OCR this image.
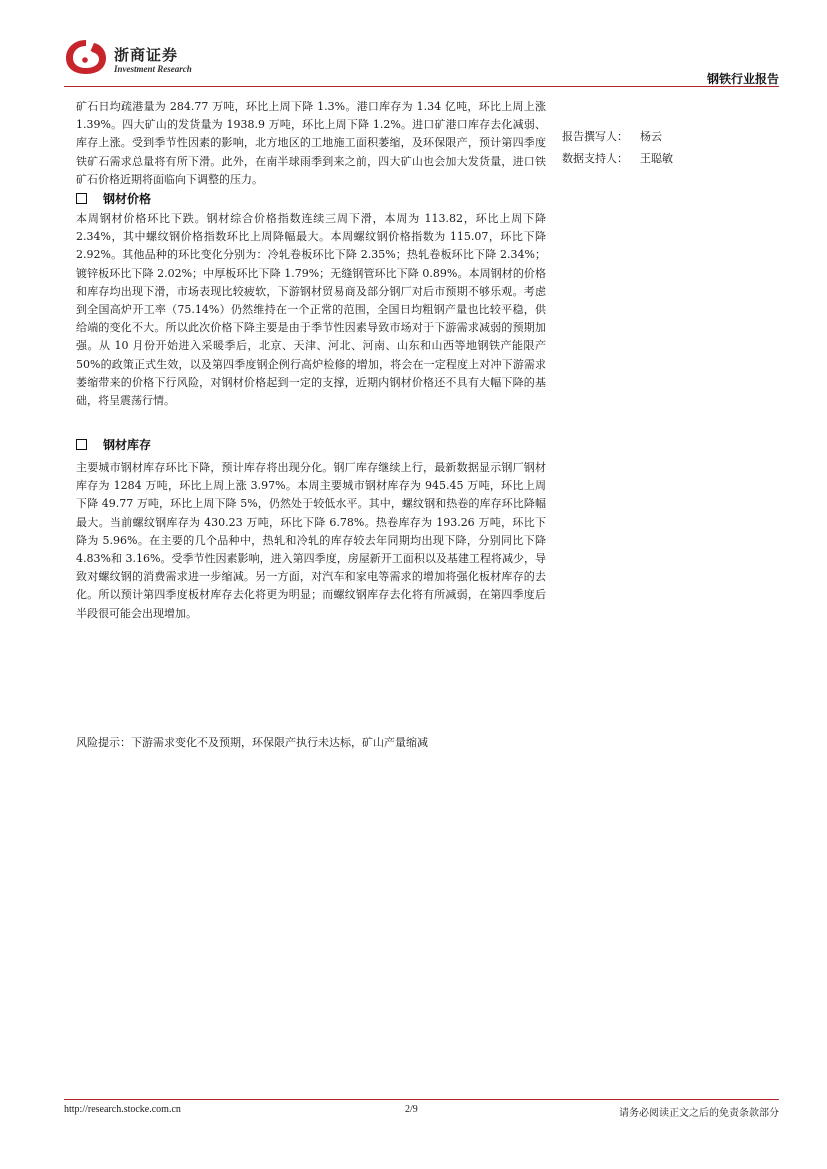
浙商证券
Investment Research
钢铁行业报告

矿石日均疏港量为 284.77 万吨，环比上周下降 1.3%。港口库存为 1.34 亿吨，环比上周上涨 1.39%。四大矿山的发货量为 1938.9 万吨，环比上周下降 1.2%。进口矿港口库存去化减弱、库存上涨。受到季节性因素的影响，北方地区的工地施工面积萎缩，及环保限产，预计第四季度铁矿石需求总量将有所下滑。此外，在南半球雨季到来之前，四大矿山也会加大发货量，进口铁矿石价格近期将面临向下调整的压力。

钢材价格

本周钢材价格环比下跌。钢材综合价格指数连续三周下滑，本周为 113.82，环比上周下降 2.34%，其中螺纹钢价格指数环比上周降幅最大。本周螺纹钢价格指数为 115.07，环比下降 2.92%。其他品种的环比变化分别为：冷轧卷板环比下降 2.35%；热轧卷板环比下降 2.34%；镀锌板环比下降 2.02%；中厚板环比下降 1.79%；无缝钢管环比下降 0.89%。本周钢材的价格和库存均出现下滑，市场表现比较疲软，下游钢材贸易商及部分钢厂对后市预期不够乐观。考虑到全国高炉开工率（75.14%）仍然维持在一个正常的范围，全国日均粗钢产量也比较平稳，供给端的变化不大。所以此次价格下降主要是由于季节性因素导致市场对于下游需求减弱的预期加强。从 10 月份开始进入采暖季后，北京、天津、河北、河南、山东和山西等地钢铁产能限产 50%的政策正式生效，以及第四季度钢企例行高炉检修的增加，将会在一定程度上对冲下游需求萎缩带来的价格下行风险，对钢材价格起到一定的支撑，近期内钢材价格还不具有大幅下降的基础，将呈震荡行情。

钢材库存

主要城市钢材库存环比下降，预计库存将出现分化。钢厂库存继续上行，最新数据显示钢厂钢材库存为 1284 万吨，环比上周上涨 3.97%。本周主要城市钢材库存为 945.45 万吨，环比上周下降 49.77 万吨，环比上周下降 5%，仍然处于较低水平。其中，螺纹钢和热卷的库存环比降幅最大。当前螺纹钢库存为 430.23 万吨，环比下降 6.78%。热卷库存为 193.26 万吨，环比下降为 5.96%。在主要的几个品种中，热轧和冷轧的库存较去年同期均出现下降，分别同比下降 4.83%和 3.16%。受季节性因素影响，进入第四季度，房屋新开工面积以及基建工程将减少，导致对螺纹钢的消费需求进一步缩减。另一方面，对汽车和家电等需求的增加将强化板材库存的去化。所以预计第四季度板材库存去化将更为明显；而螺纹钢库存去化将有所减弱，在第四季度后半段很可能会出现增加。

报告撰写人： 杨云
数据支持人： 王聪敏
风险提示：下游需求变化不及预期，环保限产执行未达标，矿山产量缩减
http://research.stocke.com.cn	2/9	请务必阅读正文之后的免责条款部分
